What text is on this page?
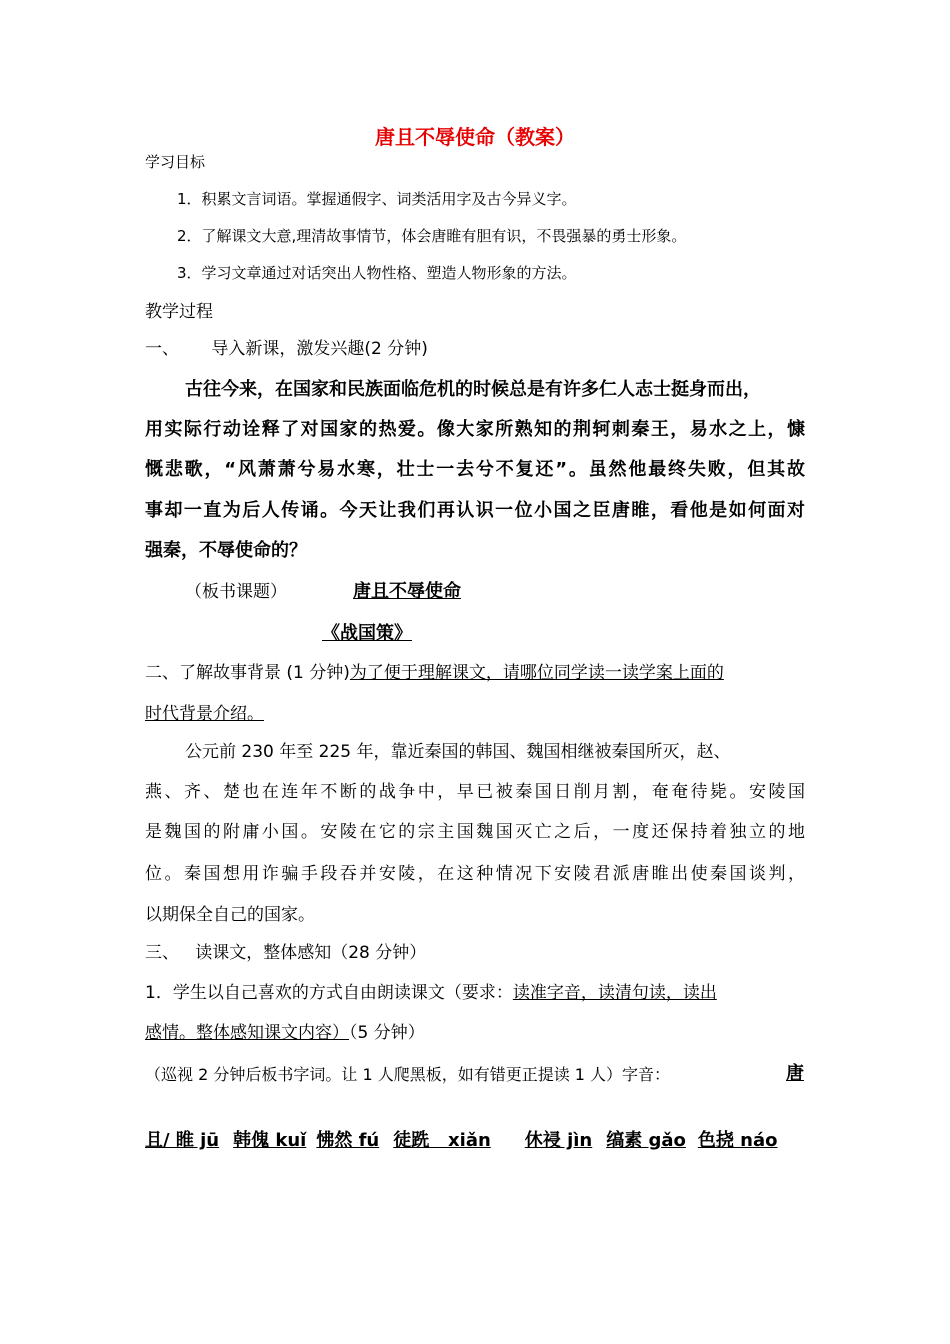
唐且不辱使命（教案）
学习目标
1．积累文言词语。掌握通假字、词类活用字及古今异义字。
2．了解课文大意,理清故事情节，体会唐睢有胆有识，不畏强暴的勇士形象。
3．学习文章通过对话突出人物性格、塑造人物形象的方法。
教学过程
一、      导入新课，激发兴趣(2 分钟)
古往今来，在国家和民族面临危机的时候总是有许多仁人志士挺身而出，
用实际行动诠释了对国家的热爱。像大家所熟知的荆轲刺秦王，易水之上，慷
慨悲歌，“风萧萧兮易水寒，壮士一去兮不复还”。虽然他最终失败，但其故
事却一直为后人传诵。今天让我们再认识一位小国之臣唐睢，看他是如何面对
强秦，不辱使命的？
（板书课题）	唐且不辱使命
《战国策》
二、了解故事背景 (1 分钟)为了便于理解课文，请哪位同学读一读学案上面的
时代背景介绍。
公元前 230 年至 225 年，靠近秦国的韩国、魏国相继被秦国所灭，赵、
燕、齐、楚也在连年不断的战争中，早已被秦国日削月割，奄奄待毙。安陵国
是魏国的附庸小国。安陵在它的宗主国魏国灭亡之后，一度还保持着独立的地
位。秦国想用诈骗手段吞并安陵，在这种情况下安陵君派唐睢出使秦国谈判，
以期保全自己的国家。
三、   读课文，整体感知（28 分钟）
1．学生以自己喜欢的方式自由朗读课文（要求：读准字音，读清句读，读出
感情。整体感知课文内容）（5 分钟）
（巡视 2 分钟后板书字词。让 1 人爬黑板，如有错更正提读 1 人）字音：	唐
且/ 睢 jū 韩傀 kuǐ 怫然 fú 徒跣   xiǎn 休祲 jìn 缟素 gǎo 色挠 náo
